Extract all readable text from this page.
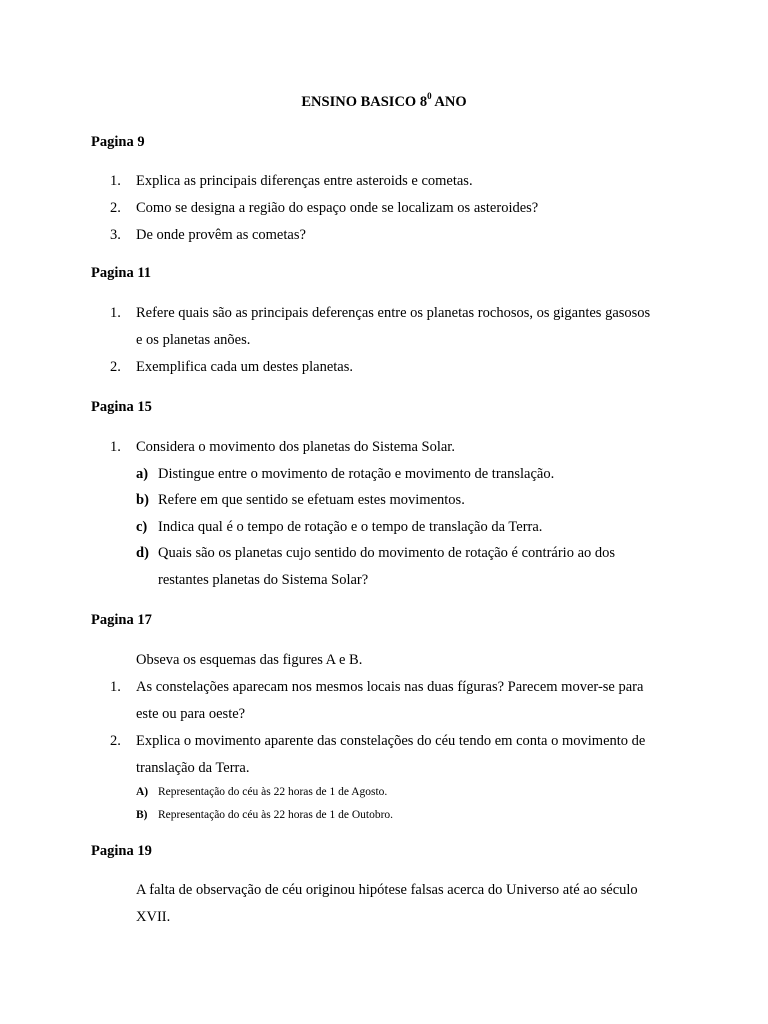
ENSINO BASICO $8^0$ ANO
Pagina 9
1. Explica as principais diferenças entre asteroids e cometas.
2. Como se designa a região do espaço onde se localizam os asteroides?
3. De onde provêm as cometas?
Pagina 11
1. Refere quais são as principais deferenças entre os planetas rochosos, os gigantes gasosos
e os planetas anões.
2. Exemplifica cada um destes planetas.
Pagina 15
1. Considera o movimento dos planetas do Sistema Solar.
a) Distingue entre o movimento de rotação e movimento de translação.
b) Refere em que sentido se efetuam estes movimentos.
c) Indica qual é o tempo de rotação e o tempo de translação da Terra.
d) Quais são os planetas cujo sentido do movimento de rotação é contrário ao dos
restantes planetas do Sistema Solar?
Pagina 17
Obseva os esquemas das figures A e B.
1. As constelações aparecam nos mesmos locais nas duas fíguras? Parecem mover-se para
este ou para oeste?
2. Explica o movimento aparente das constelações do céu tendo em conta o movimento de
translação da Terra.
A) Representação do céu às 22 horas de 1 de Agosto.
B) Representação do céu às 22 horas de 1 de Outobro.
Pagina 19
A falta de observação de céu originou hipótese falsas acerca do Universo até ao século
XVII.
